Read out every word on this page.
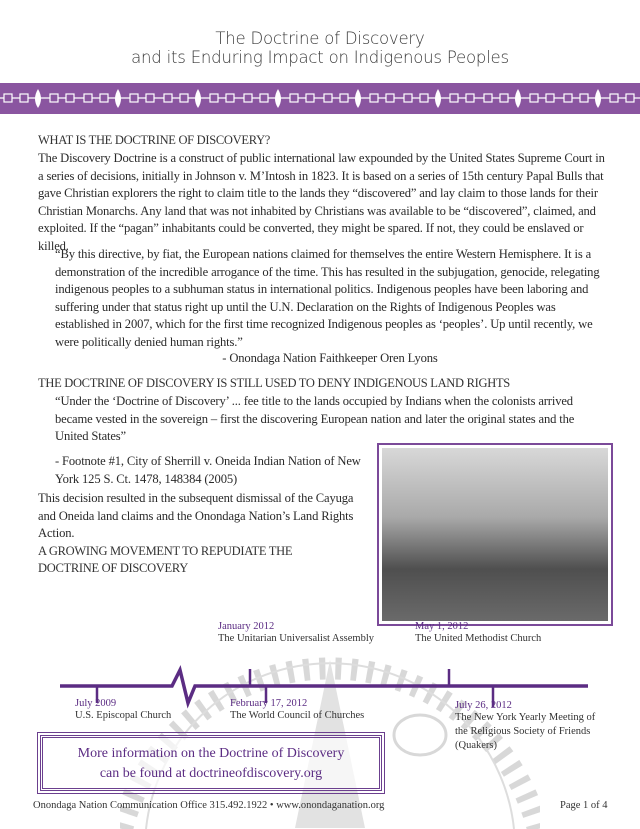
The Doctrine of Discovery
and its Enduring Impact on Indigenous Peoples
WHAT IS THE DOCTRINE OF DISCOVERY?
The Discovery Doctrine is a construct of public international law expounded by the United States Supreme Court in a series of decisions, initially in Johnson v. M’Intosh in 1823. It is based on a series of 15th century Papal Bulls that gave Christian explorers the right to claim title to the lands they “discovered” and lay claim to those lands for their Christian Monarchs. Any land that was not inhabited by Christians was available to be “discovered”, claimed, and exploited. If the “pagan” inhabitants could be converted, they might be spared. If not, they could be enslaved or killed.
“By this directive, by fiat, the European nations claimed for themselves the entire Western Hemisphere. It is a demonstration of the incredible arrogance of the time. This has resulted in the subjugation, genocide, relegating indigenous peoples to a subhuman status in international politics. Indigenous peoples have been laboring and suffering under that status right up until the U.N. Declaration on the Rights of Indigenous Peoples was established in 2007, which for the first time recognized Indigenous peoples as ‘peoples’. Up until recently, we were politically denied human rights.”
- Onondaga Nation Faithkeeper Oren Lyons
THE DOCTRINE OF DISCOVERY IS STILL USED TO DENY INDIGENOUS LAND RIGHTS
“Under the ‘Doctrine of Discovery’ ... fee title to the lands occupied by Indians when the colonists arrived became vested in the sovereign – first the discovering European nation and later the original states and the United States”
- Footnote #1, City of Sherrill v. Oneida Indian Nation of New York 125 S. Ct. 1478, 148384 (2005)
This decision resulted in the subsequent dismissal of the Cayuga and Oneida land claims and the Onondaga Nation’s Land Rights Action.
A GROWING MOVEMENT TO REPUDIATE THE DOCTRINE OF DISCOVERY
July 2009
U.S. Episcopal Church
January 2012
The Unitarian Universalist Assembly
February 17, 2012
The World Council of Churches
May 1, 2012
The United Methodist Church
July 26, 2012
The New York Yearly Meeting of the Religious Society of Friends (Quakers)
More information on the Doctrine of Discovery
can be found at doctrineofdiscovery.org
Onondaga Nation Communication Office 315.492.1922 • www.onondaganation.org	Page 1 of 4
